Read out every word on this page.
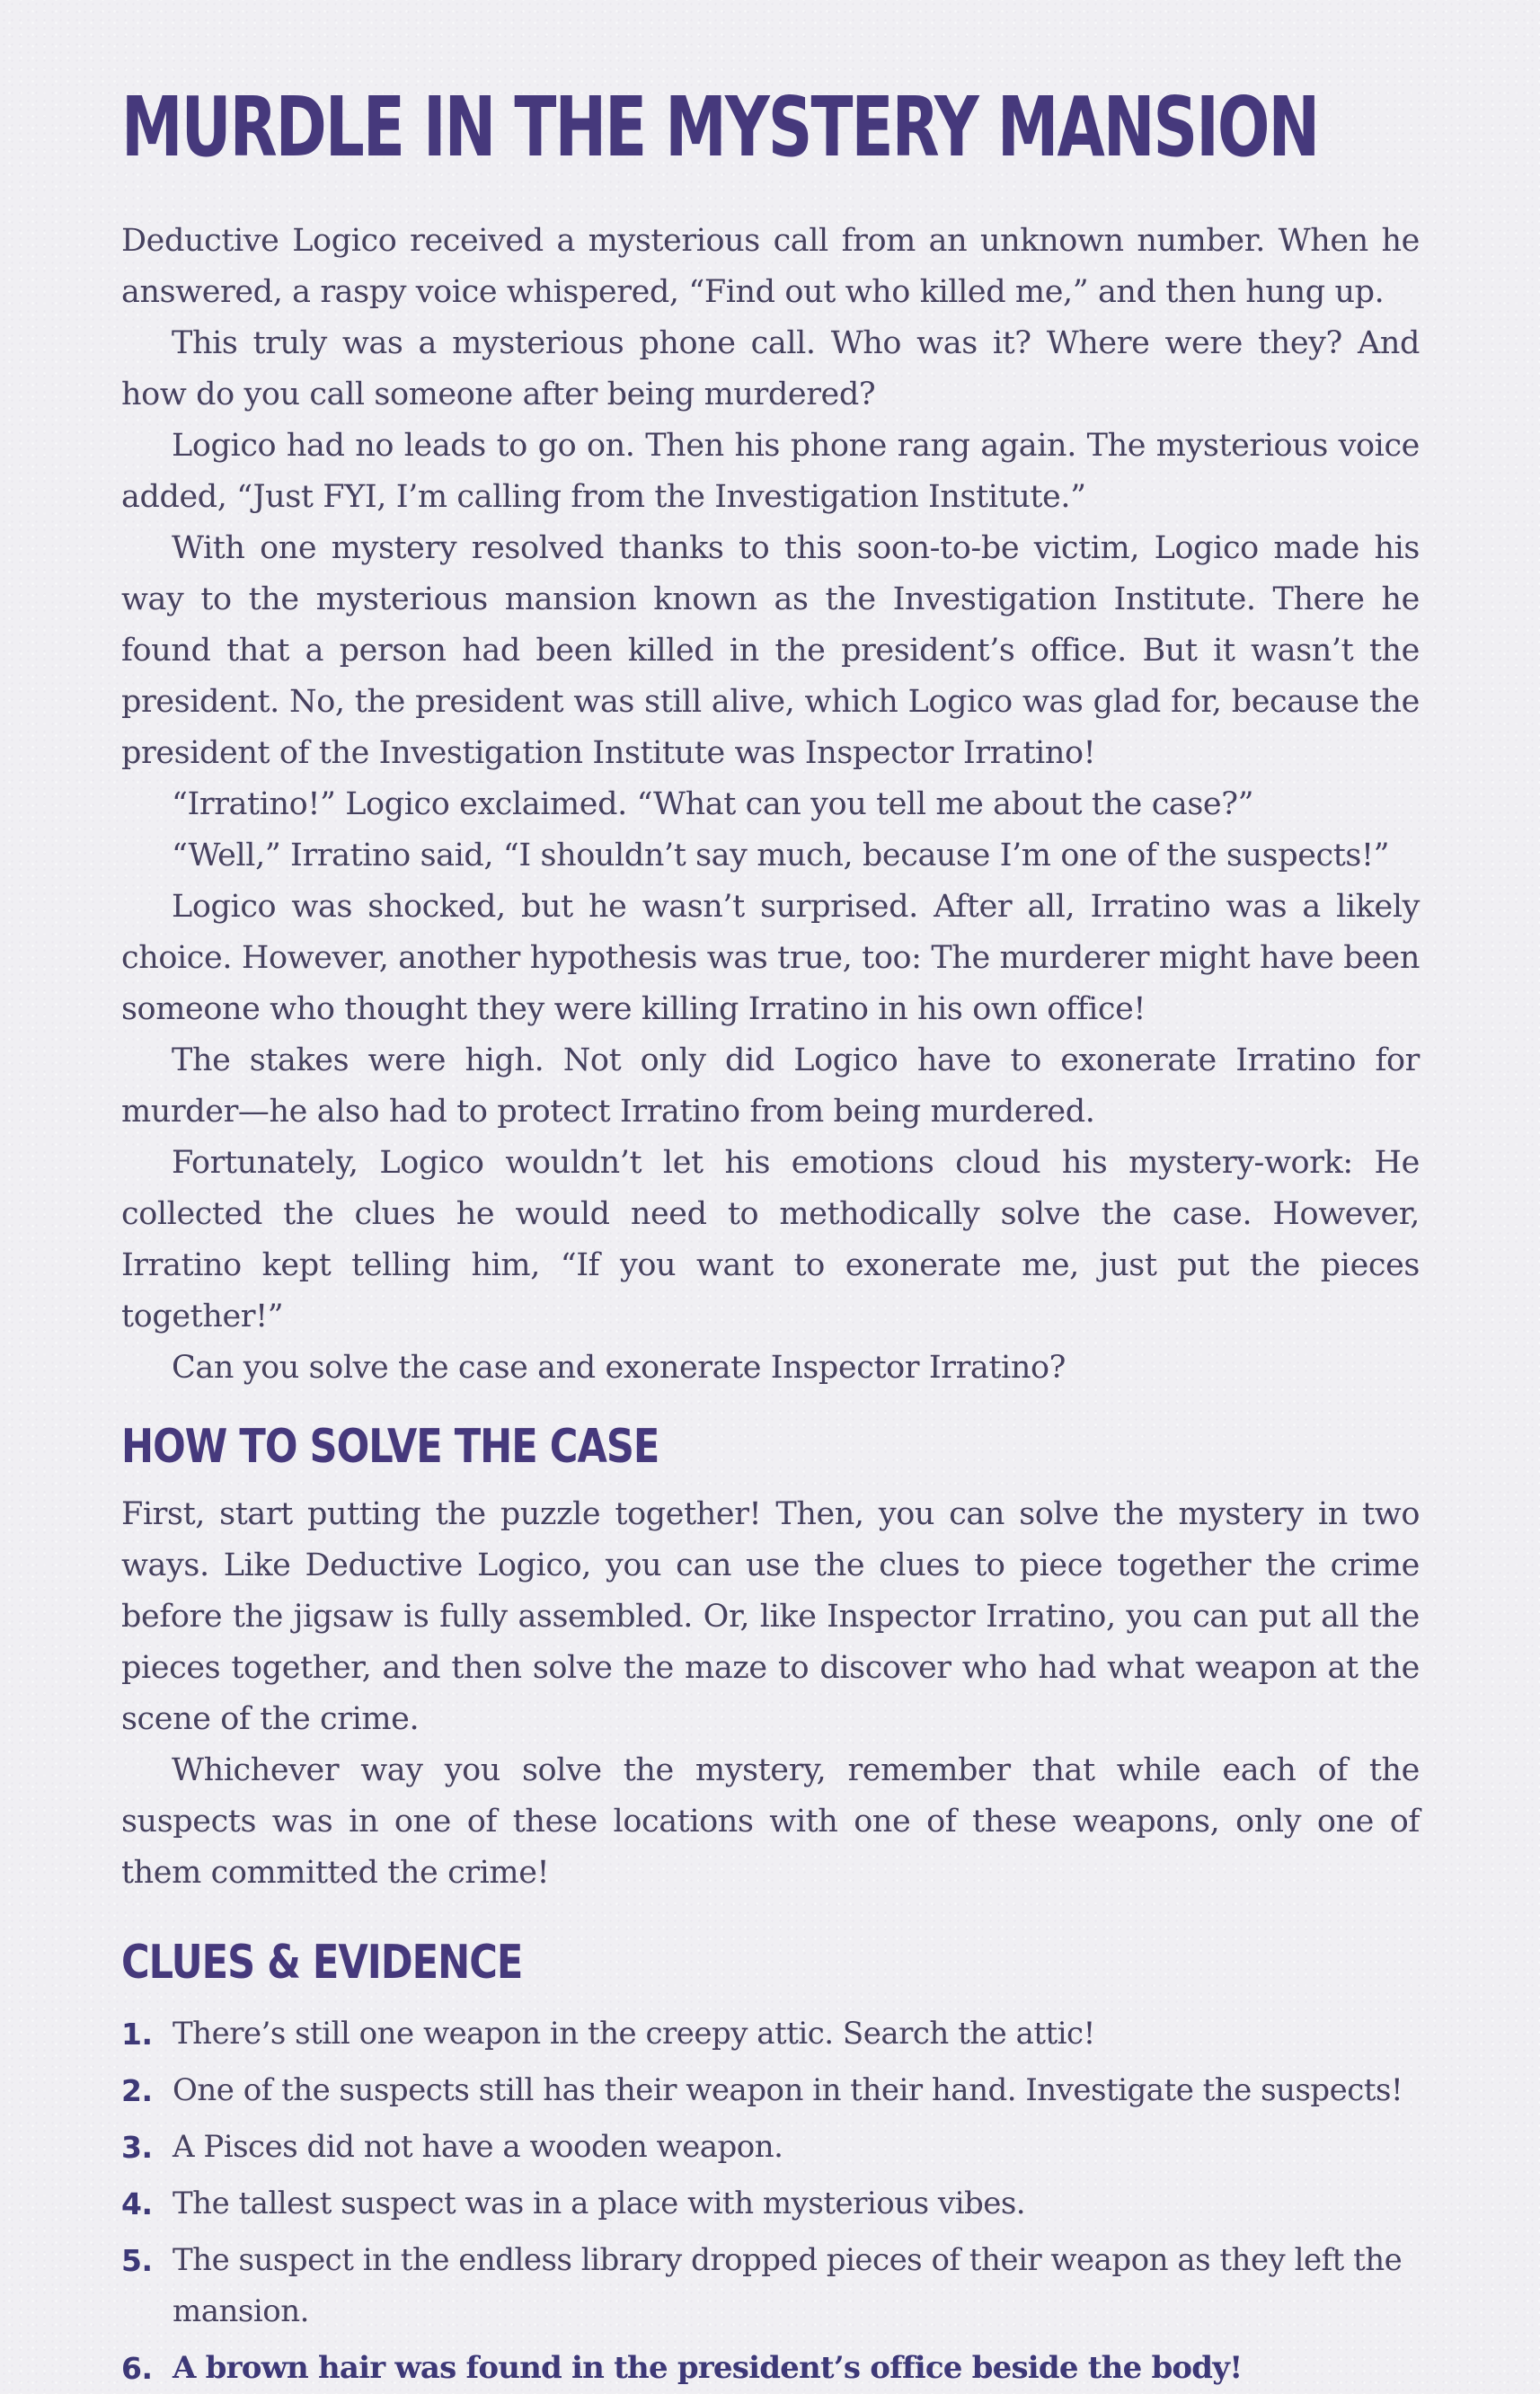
MURDLE IN THE MYSTERY MANSION

Deductive Logico received a mysterious call from an unknown number. When he answered, a raspy voice whispered, “Find out who killed me,” and then hung up.

This truly was a mysterious phone call. Who was it? Where were they? And how do you call someone after being murdered?

Logico had no leads to go on. Then his phone rang again. The mysterious voice added, “Just FYI, I’m calling from the Investigation Institute.”

With one mystery resolved thanks to this soon-to-be victim, Logico made his way to the mysterious mansion known as the Investigation Institute. There he found that a person had been killed in the president’s office. But it wasn’t the president. No, the president was still alive, which Logico was glad for, because the president of the Investigation Institute was Inspector Irratino!

“Irratino!” Logico exclaimed. “What can you tell me about the case?”

“Well,” Irratino said, “I shouldn’t say much, because I’m one of the suspects!”

Logico was shocked, but he wasn’t surprised. After all, Irratino was a likely choice. However, another hypothesis was true, too: The murderer might have been someone who thought they were killing Irratino in his own office!

The stakes were high. Not only did Logico have to exonerate Irratino for murder—he also had to protect Irratino from being murdered.

Fortunately, Logico wouldn’t let his emotions cloud his mystery-work: He collected the clues he would need to methodically solve the case. However, Irratino kept telling him, “If you want to exonerate me, just put the pieces together!”

Can you solve the case and exonerate Inspector Irratino?

HOW TO SOLVE THE CASE

First, start putting the puzzle together! Then, you can solve the mystery in two ways. Like Deductive Logico, you can use the clues to piece together the crime before the jigsaw is fully assembled. Or, like Inspector Irratino, you can put all the pieces together, and then solve the maze to discover who had what weapon at the scene of the crime.

Whichever way you solve the mystery, remember that while each of the suspects was in one of these locations with one of these weapons, only one of them committed the crime!

CLUES & EVIDENCE
1. There’s still one weapon in the creepy attic. Search the attic!
2. One of the suspects still has their weapon in their hand. Investigate the suspects!
3. A Pisces did not have a wooden weapon.
4. The tallest suspect was in a place with mysterious vibes.
5. The suspect in the endless library dropped pieces of their weapon as they left the mansion.
6. A brown hair was found in the president’s office beside the body!
